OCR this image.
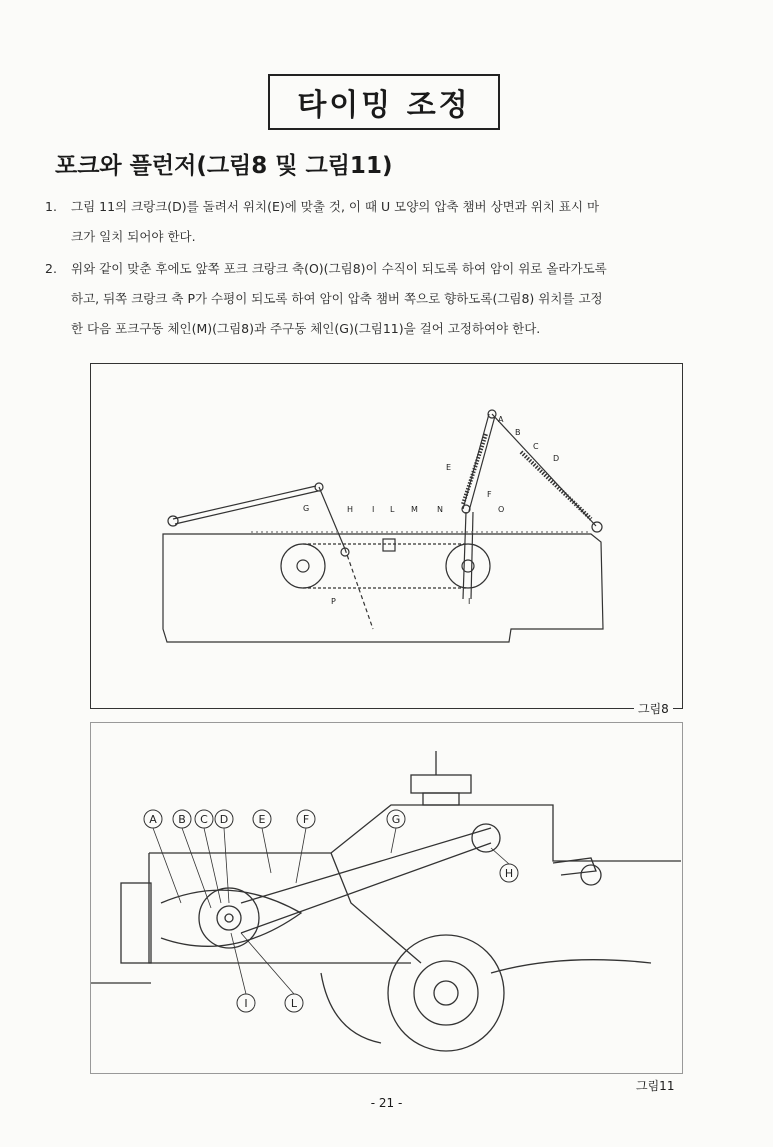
타이밍 조정
포크와 플런저(그림8 및 그림11)
1. 그림 11의 크랑크(D)를 돌려서 위치(E)에 맞출 것, 이 때 U 모양의 압축 챔버 상면과 위치 표시 마
크가 일치 되어야 한다.
2. 위와 같이 맞춘 후에도 앞쪽 포크 크랑크 축(O)(그림8)이 수직이 되도록 하여 암이 위로 올라가도록
하고, 뒤쪽 크랑크 축 P가 수평이 되도록 하여 암이 압축 챔버 쪽으로 향하도록(그림8) 위치를 고정
한 다음 포크구동 체인(M)(그림8)과 주구동 체인(G)(그림11)을 걸어 고정하여야 한다.
A
B
C
D
E
F
G	H I L M N	O
P	I
그림8
A B C D	E	F	G
H
I	L
그림11
- 21 -
